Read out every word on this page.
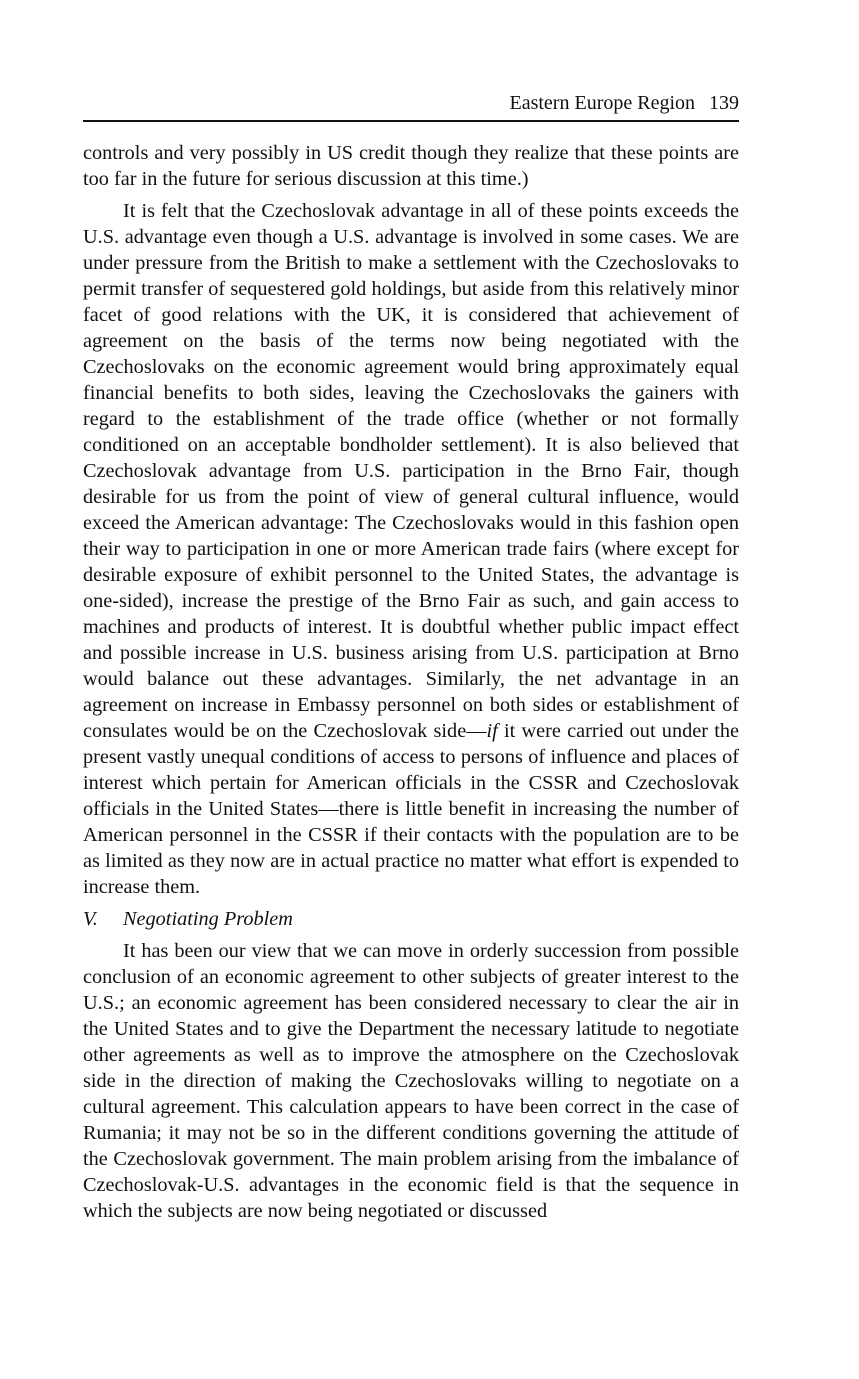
Eastern Europe Region 139

controls and very possibly in US credit though they realize that these points are too far in the future for serious discussion at this time.)

It is felt that the Czechoslovak advantage in all of these points exceeds the U.S. advantage even though a U.S. advantage is involved in some cases. We are under pressure from the British to make a settlement with the Czechoslovaks to permit transfer of sequestered gold holdings, but aside from this relatively minor facet of good relations with the UK, it is considered that achievement of agreement on the basis of the terms now being negotiated with the Czechoslovaks on the economic agreement would bring approximately equal financial benefits to both sides, leaving the Czechoslovaks the gainers with regard to the establishment of the trade office (whether or not formally conditioned on an acceptable bondholder settlement). It is also believed that Czechoslovak advantage from U.S. participation in the Brno Fair, though desirable for us from the point of view of general cultural influence, would exceed the American advantage: The Czechoslovaks would in this fashion open their way to participation in one or more American trade fairs (where except for desirable exposure of exhibit personnel to the United States, the advantage is one-sided), increase the prestige of the Brno Fair as such, and gain access to machines and products of interest. It is doubtful whether public impact effect and possible increase in U.S. business arising from U.S. participation at Brno would balance out these advantages. Similarly, the net advantage in an agreement on increase in Embassy personnel on both sides or establishment of consulates would be on the Czechoslovak side—if it were carried out under the present vastly unequal conditions of access to persons of influence and places of interest which pertain for American officials in the CSSR and Czechoslovak officials in the United States—there is little benefit in increasing the number of American personnel in the CSSR if their contacts with the population are to be as limited as they now are in actual practice no matter what effort is expended to increase them.

V. Negotiating Problem

It has been our view that we can move in orderly succession from possible conclusion of an economic agreement to other subjects of greater interest to the U.S.; an economic agreement has been considered necessary to clear the air in the United States and to give the Department the necessary latitude to negotiate other agreements as well as to improve the atmosphere on the Czechoslovak side in the direction of making the Czechoslovaks willing to negotiate on a cultural agreement. This calculation appears to have been correct in the case of Rumania; it may not be so in the different conditions governing the attitude of the Czechoslovak government. The main problem arising from the imbalance of Czechoslovak-U.S. advantages in the economic field is that the sequence in which the subjects are now being negotiated or discussed
